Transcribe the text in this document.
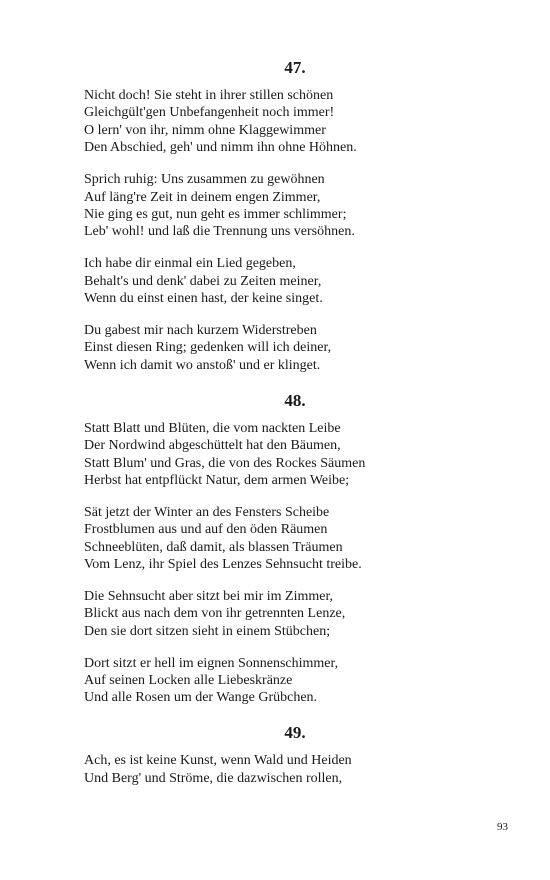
47.
Nicht doch! Sie steht in ihrer stillen schönen
Gleichgült'gen Unbefangenheit noch immer!
O lern' von ihr, nimm ohne Klaggewimmer
Den Abschied, geh' und nimm ihn ohne Höhnen.
Sprich ruhig: Uns zusammen zu gewöhnen
Auf läng're Zeit in deinem engen Zimmer,
Nie ging es gut, nun geht es immer schlimmer;
Leb' wohl! und laß die Trennung uns versöhnen.
Ich habe dir einmal ein Lied gegeben,
Behalt's und denk' dabei zu Zeiten meiner,
Wenn du einst einen hast, der keine singet.
Du gabest mir nach kurzem Widerstreben
Einst diesen Ring; gedenken will ich deiner,
Wenn ich damit wo anstoß' und er klinget.
48.
Statt Blatt und Blüten, die vom nackten Leibe
Der Nordwind abgeschüttelt hat den Bäumen,
Statt Blum' und Gras, die von des Rockes Säumen
Herbst hat entpflückt Natur, dem armen Weibe;
Sät jetzt der Winter an des Fensters Scheibe
Frostblumen aus und auf den öden Räumen
Schneeblüten, daß damit, als blassen Träumen
Vom Lenz, ihr Spiel des Lenzes Sehnsucht treibe.
Die Sehnsucht aber sitzt bei mir im Zimmer,
Blickt aus nach dem von ihr getrennten Lenze,
Den sie dort sitzen sieht in einem Stübchen;
Dort sitzt er hell im eignen Sonnenschimmer,
Auf seinen Locken alle Liebeskränze
Und alle Rosen um der Wange Grübchen.
49.
Ach, es ist keine Kunst, wenn Wald und Heiden
Und Berg' und Ströme, die dazwischen rollen,
93
